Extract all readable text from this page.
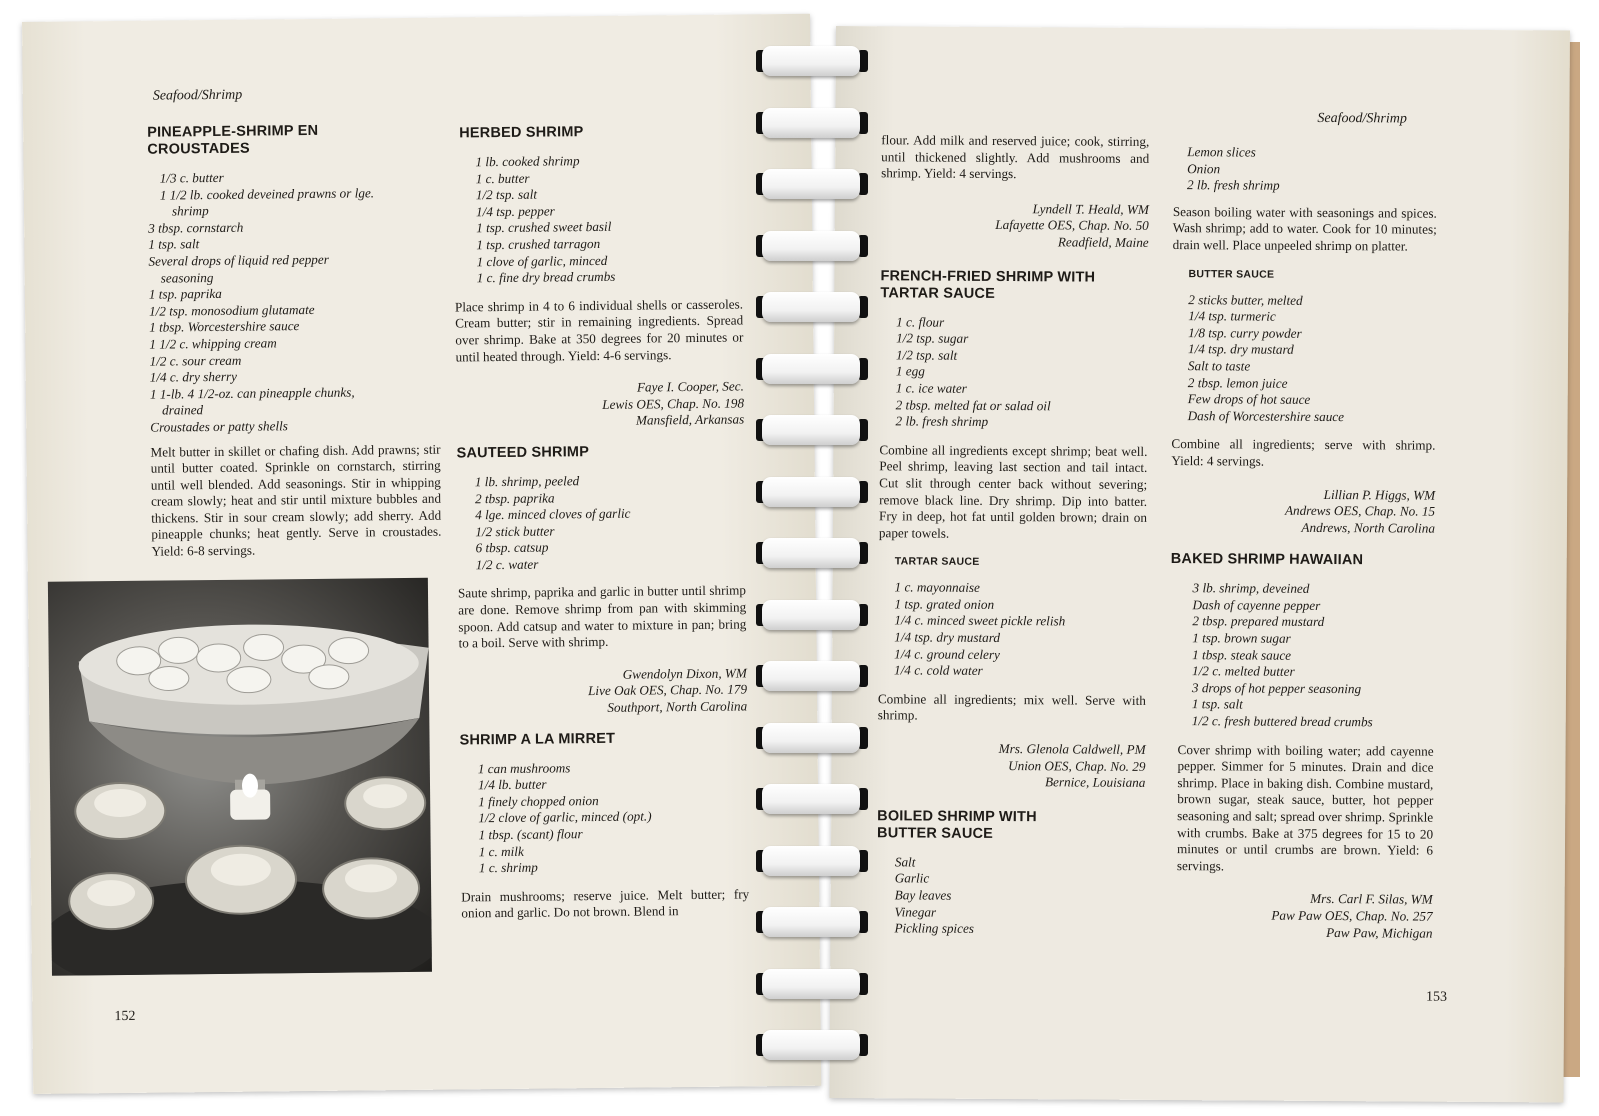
Seafood/Shrimp
PINEAPPLE-SHRIMP EN
CROUSTADES
1/3 c. butter
1 1/2 lb. cooked deveined prawns or lge.
shrimp
3 tbsp. cornstarch
1 tsp. salt
Several drops of liquid red pepper
seasoning
1 tsp. paprika
1/2 tsp. monosodium glutamate
1 tbsp. Worcestershire sauce
1 1/2 c. whipping cream
1/2 c. sour cream
1/4 c. dry sherry
1 1-lb. 4 1/2-oz. can pineapple chunks,
drained
Croustades or patty shells
Melt butter in skillet or chafing dish. Add prawns; stir until butter coated. Sprinkle on cornstarch, stirring until well blended. Add seasonings. Stir in whipping cream slowly; heat and stir until mixture bubbles and thickens. Stir in sour cream slowly; add sherry. Add pineapple chunks; heat gently. Serve in croustades. Yield: 6-8 servings.
HERBED SHRIMP
1 lb. cooked shrimp
1 c. butter
1/2 tsp. salt
1/4 tsp. pepper
1 tsp. crushed sweet basil
1 tsp. crushed tarragon
1 clove of garlic, minced
1 c. fine dry bread crumbs
Place shrimp in 4 to 6 individual shells or casseroles. Cream butter; stir in remaining ingredients. Spread over shrimp. Bake at 350 degrees for 20 minutes or until heated through. Yield: 4-6 servings.
Faye I. Cooper, Sec.
Lewis OES, Chap. No. 198
Mansfield, Arkansas
SAUTEED SHRIMP
1 lb. shrimp, peeled
2 tbsp. paprika
4 lge. minced cloves of garlic
1/2 stick butter
6 tbsp. catsup
1/2 c. water
Saute shrimp, paprika and garlic in butter until shrimp are done. Remove shrimp from pan with skimming spoon. Add catsup and water to mixture in pan; bring to a boil. Serve with shrimp.
Gwendolyn Dixon, WM
Live Oak OES, Chap. No. 179
Southport, North Carolina
SHRIMP A LA MIRRET
1 can mushrooms
1/4 lb. butter
1 finely chopped onion
1/2 clove of garlic, minced (opt.)
1 tbsp. (scant) flour
1 c. milk
1 c. shrimp
Drain mushrooms; reserve juice. Melt butter; fry onion and garlic. Do not brown. Blend in
152
Seafood/Shrimp
flour. Add milk and reserved juice; cook, stirring, until thickened slightly. Add mushrooms and shrimp. Yield: 4 servings.
Lyndell T. Heald, WM
Lafayette OES, Chap. No. 50
Readfield, Maine
FRENCH-FRIED SHRIMP WITH
TARTAR SAUCE
1 c. flour
1/2 tsp. sugar
1/2 tsp. salt
1 egg
1 c. ice water
2 tbsp. melted fat or salad oil
2 lb. fresh shrimp
Combine all ingredients except shrimp; beat well. Peel shrimp, leaving last section and tail intact. Cut slit through center back without severing; remove black line. Dry shrimp. Dip into batter. Fry in deep, hot fat until golden brown; drain on paper towels.
TARTAR SAUCE
1 c. mayonnaise
1 tsp. grated onion
1/4 c. minced sweet pickle relish
1/4 tsp. dry mustard
1/4 c. ground celery
1/4 c. cold water
Combine all ingredients; mix well. Serve with shrimp.
Mrs. Glenola Caldwell, PM
Union OES, Chap. No. 29
Bernice, Louisiana
BOILED SHRIMP WITH
BUTTER SAUCE
Salt
Garlic
Bay leaves
Vinegar
Pickling spices
Lemon slices
Onion
2 lb. fresh shrimp
Season boiling water with seasonings and spices. Wash shrimp; add to water. Cook for 10 minutes; drain well. Place unpeeled shrimp on platter.
BUTTER SAUCE
2 sticks butter, melted
1/4 tsp. turmeric
1/8 tsp. curry powder
1/4 tsp. dry mustard
Salt to taste
2 tbsp. lemon juice
Few drops of hot sauce
Dash of Worcestershire sauce
Combine all ingredients; serve with shrimp. Yield: 4 servings.
Lillian P. Higgs, WM
Andrews OES, Chap. No. 15
Andrews, North Carolina
BAKED SHRIMP HAWAIIAN
3 lb. shrimp, deveined
Dash of cayenne pepper
2 tbsp. prepared mustard
1 tsp. brown sugar
1 tbsp. steak sauce
1/2 c. melted butter
3 drops of hot pepper seasoning
1 tsp. salt
1/2 c. fresh buttered bread crumbs
Cover shrimp with boiling water; add cayenne pepper. Simmer for 5 minutes. Drain and dice shrimp. Place in baking dish. Combine mustard, brown sugar, steak sauce, butter, hot pepper seasoning and salt; spread over shrimp. Sprinkle with crumbs. Bake at 375 degrees for 15 to 20 minutes or until crumbs are brown. Yield: 6 servings.
Mrs. Carl F. Silas, WM
Paw Paw OES, Chap. No. 257
Paw Paw, Michigan
153
